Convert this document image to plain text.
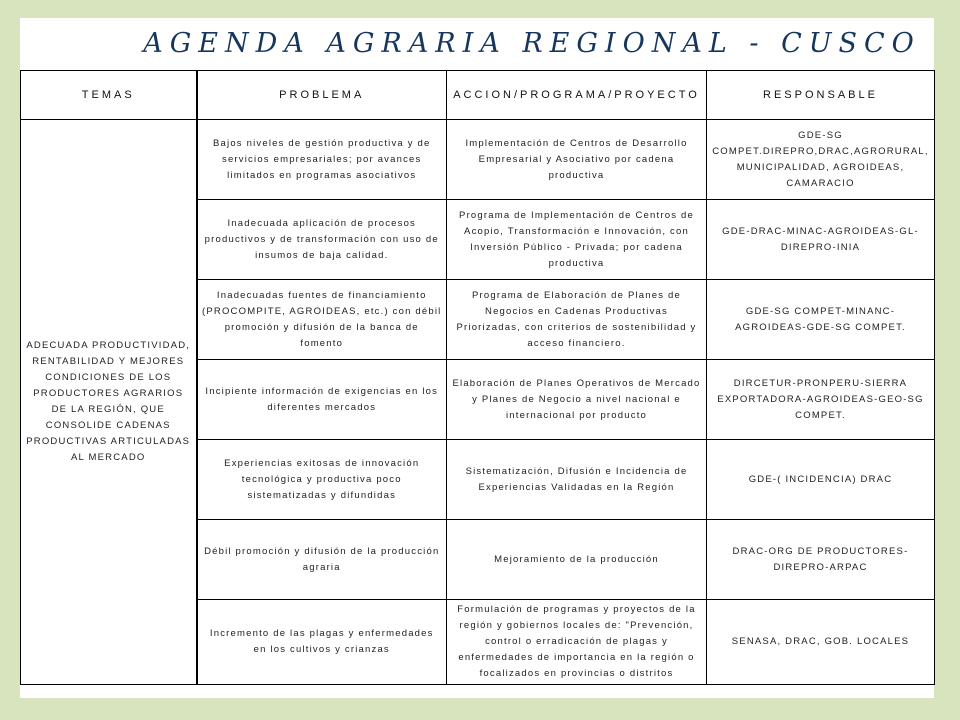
AGENDA AGRARIA REGIONAL - CUSCO
TEMAS	PROBLEMA	ACCION/PROGRAMA/PROYECTO	RESPONSABLE
ADECUADA PRODUCTIVIDAD, RENTABILIDAD Y MEJORES CONDICIONES DE LOS PRODUCTORES AGRARIOS DE LA REGIÓN, QUE CONSOLIDE CADENAS PRODUCTIVAS ARTICULADAS AL MERCADO	Bajos niveles de gestión productiva y de servicios empresariales; por avances limitados en programas asociativos	Implementación de Centros de Desarrollo Empresarial y Asociativo por cadena productiva	GDE-SG COMPET.DIREPRO,DRAC,AGRORURAL, MUNICIPALIDAD, AGROIDEAS, CAMARACIO
	Inadecuada aplicación de procesos productivos y de transformación con uso de insumos de baja calidad.	Programa de Implementación de Centros de Acopio, Transformación e Innovación, con Inversión Público - Privada; por cadena productiva	GDE-DRAC-MINAC-AGROIDEAS-GL-DIREPRO-INIA
	Inadecuadas fuentes de financiamiento (PROCOMPITE, AGROIDEAS, etc.) con débil promoción y difusión de la banca de fomento	Programa de Elaboración de Planes de Negocios en Cadenas Productivas Priorizadas, con criterios de sostenibilidad y acceso financiero.	GDE-SG COMPET-MINANC-AGROIDEAS-GDE-SG COMPET.
	Incipiente información de exigencias en los diferentes mercados	Elaboración de Planes Operativos de Mercado y Planes de Negocio a nivel nacional e internacional por producto	DIRCETUR-PRONPERU-SIERRA EXPORTADORA-AGROIDEAS-GEO-SG COMPET.
	Experiencias exitosas de innovación tecnológica y productiva poco sistematizadas y difundidas	Sistematización, Difusión e Incidencia de Experiencias Validadas en la Región	GDE-( INCIDENCIA) DRAC
	Débil promoción y difusión de la producción agraria	Mejoramiento de la producción	DRAC-ORG DE PRODUCTORES- DIREPRO-ARPAC
	Incremento de las plagas y enfermedades en los cultivos y crianzas	Formulación de programas y proyectos de la región y gobiernos locales de: "Prevención, control o erradicación de plagas y enfermedades de importancia en la región o focalizados en provincias o distritos	SENASA, DRAC, GOB. LOCALES
